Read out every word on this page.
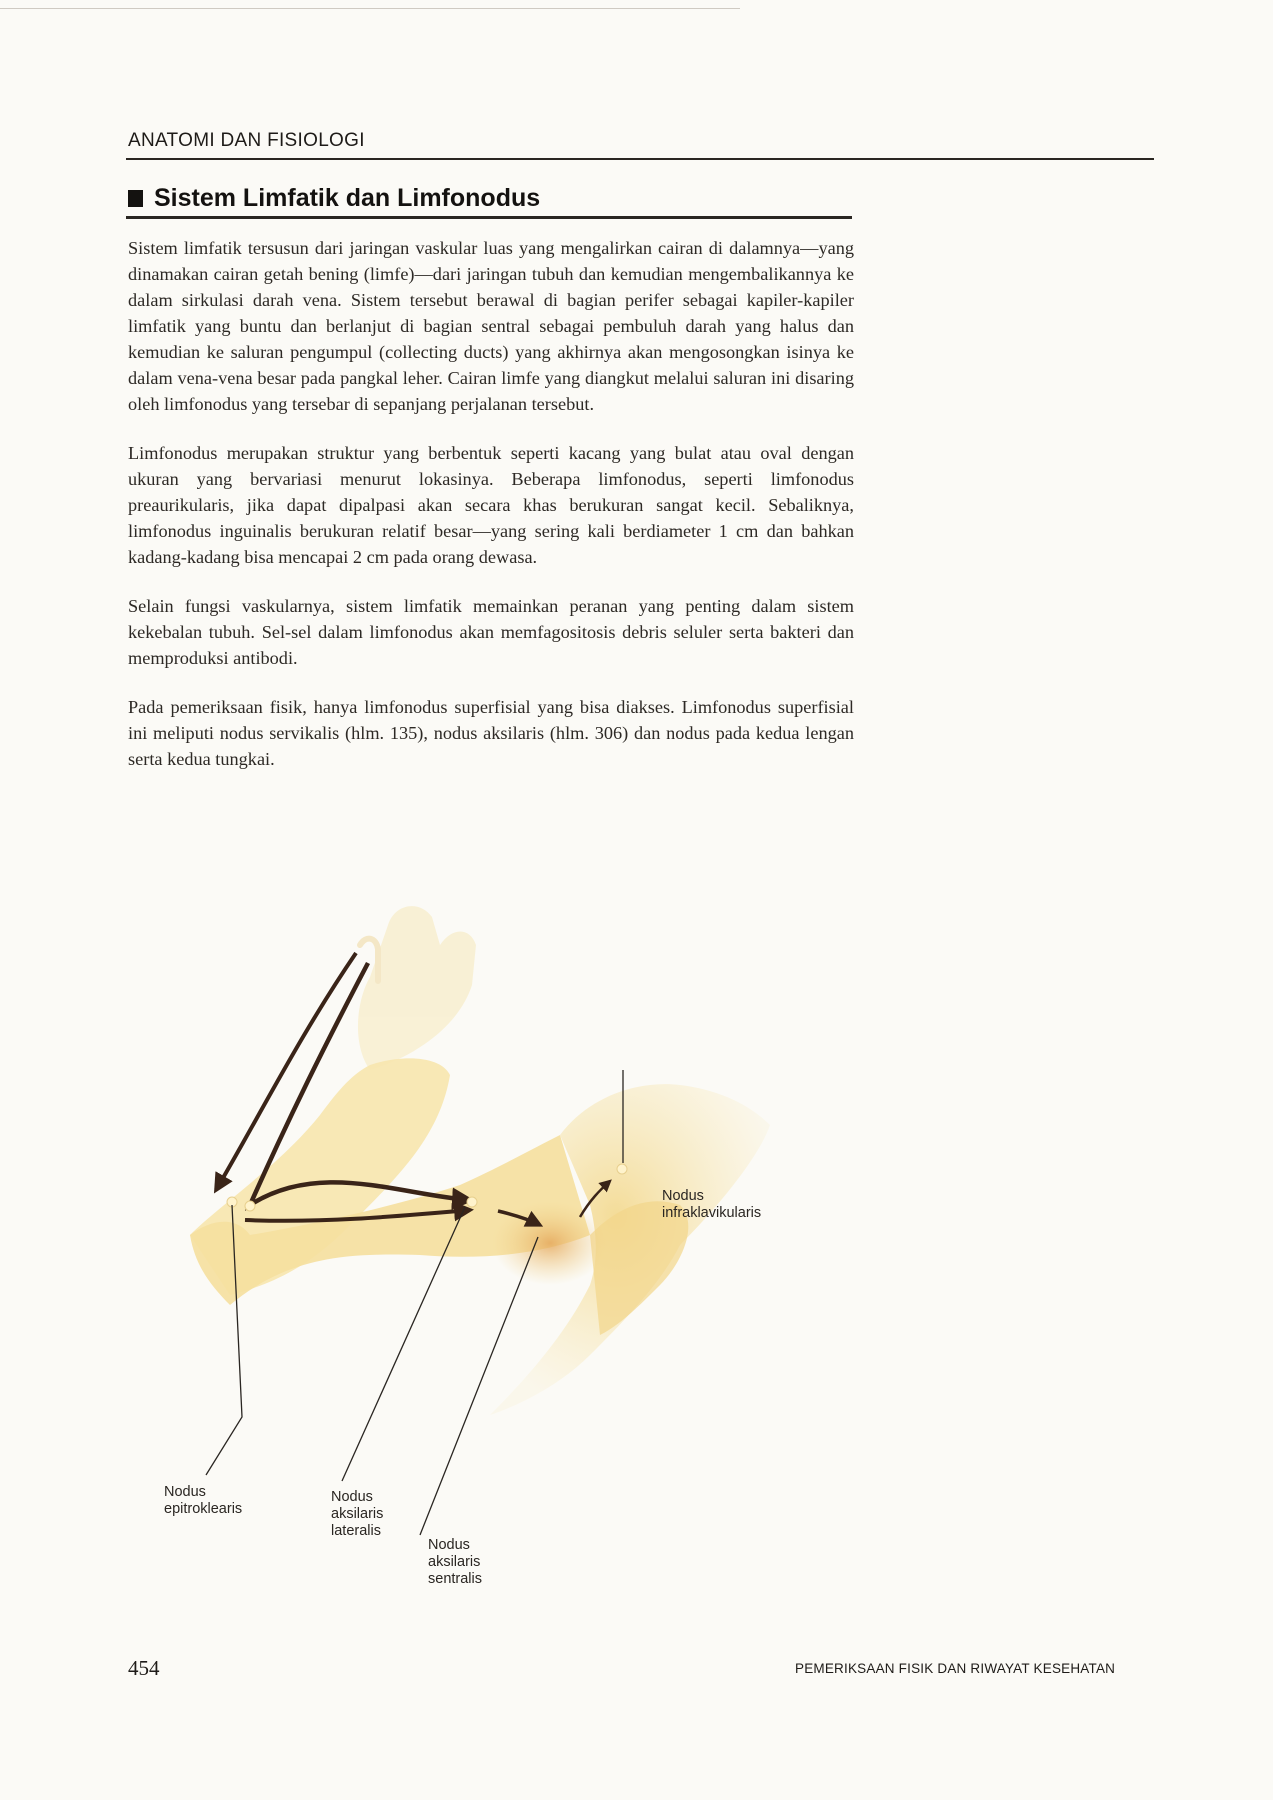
ANATOMI DAN FISIOLOGI
Sistem Limfatik dan Limfonodus

Sistem limfatik tersusun dari jaringan vaskular luas yang mengalirkan cairan di dalamnya—yang dinamakan cairan getah bening (limfe)—dari jaringan tubuh dan kemudian mengembalikannya ke dalam sirkulasi darah vena. Sistem tersebut berawal di bagian perifer sebagai kapiler-kapiler limfatik yang buntu dan berlanjut di bagian sentral sebagai pembuluh darah yang halus dan kemudian ke saluran pengumpul (collecting ducts) yang akhirnya akan mengosongkan isinya ke dalam vena-vena besar pada pangkal leher. Cairan limfe yang diangkut melalui saluran ini disaring oleh limfonodus yang tersebar di sepanjang perjalanan tersebut.

Limfonodus merupakan struktur yang berbentuk seperti kacang yang bulat atau oval dengan ukuran yang bervariasi menurut lokasinya. Beberapa limfonodus, seperti limfonodus preaurikularis, jika dapat dipalpasi akan secara khas berukuran sangat kecil. Sebaliknya, limfonodus inguinalis berukuran relatif besar—yang sering kali berdiameter 1 cm dan bahkan kadang-kadang bisa mencapai 2 cm pada orang dewasa.

Selain fungsi vaskularnya, sistem limfatik memainkan peranan yang penting dalam sistem kekebalan tubuh. Sel-sel dalam limfonodus akan memfagositosis debris seluler serta bakteri dan memproduksi antibodi.

Pada pemeriksaan fisik, hanya limfonodus superfisial yang bisa diakses. Limfonodus superfisial ini meliputi nodus servikalis (hlm. 135), nodus aksilaris (hlm. 306) dan nodus pada kedua lengan serta kedua tungkai.

Nodus
infraklavikularis
Nodus
epitroklearis
Nodus
aksilaris
lateralis
Nodus
aksilaris
sentralis
454	PEMERIKSAAN FISIK DAN RIWAYAT KESEHATAN
